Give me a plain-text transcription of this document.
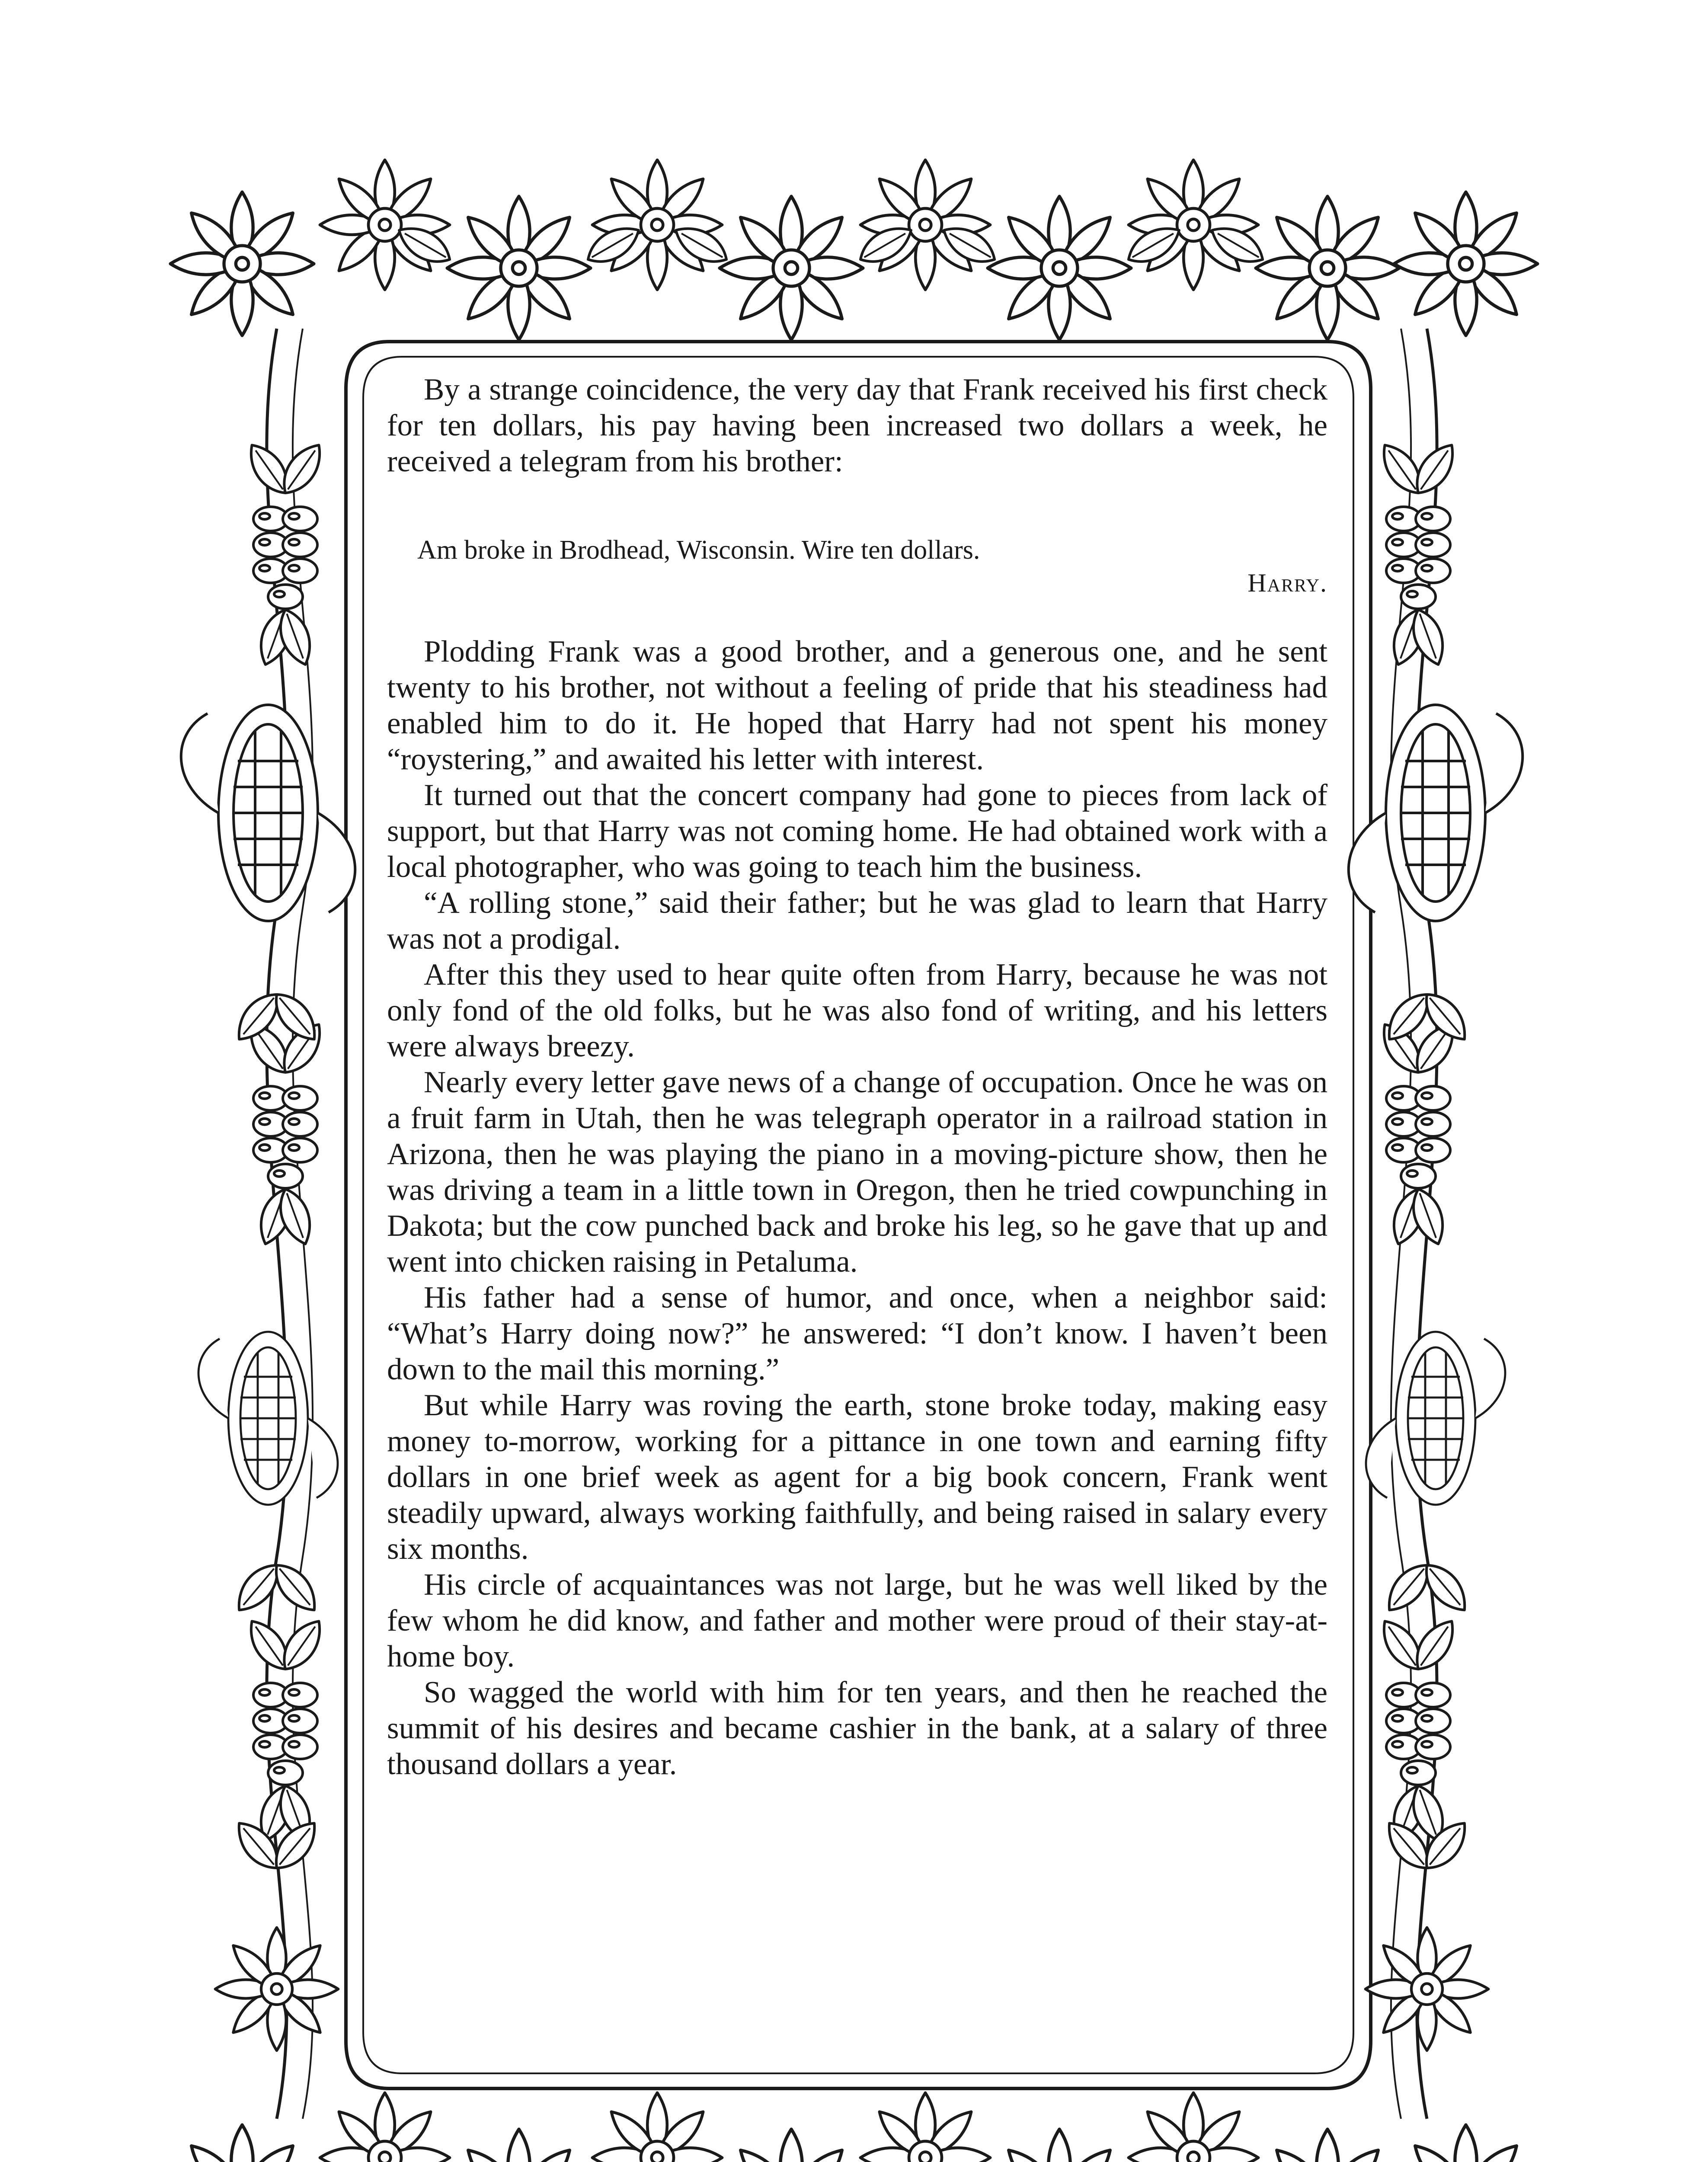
By a strange coincidence, the very day that Frank received his first check for ten dollars, his pay having been increased two dollars a week, he received a telegram from his brother:

Am broke in Brodhead, Wisconsin. Wire ten dollars.

Harry.

Plodding Frank was a good brother, and a generous one, and he sent twenty to his brother, not without a feeling of pride that his steadiness had enabled him to do it. He hoped that Harry had not spent his money “roystering,” and awaited his letter with interest.

It turned out that the concert company had gone to pieces from lack of support, but that Harry was not coming home. He had obtained work with a local photographer, who was going to teach him the business.

“A rolling stone,” said their father; but he was glad to learn that Harry was not a prodigal.

After this they used to hear quite often from Harry, because he was not only fond of the old folks, but he was also fond of writing, and his letters were always breezy.

Nearly every letter gave news of a change of occupation. Once he was on a fruit farm in Utah, then he was telegraph operator in a railroad station in Arizona, then he was playing the piano in a moving-picture show, then he was driving a team in a little town in Oregon, then he tried cowpunching in Dakota; but the cow punched back and broke his leg, so he gave that up and went into chicken raising in Petaluma.

His father had a sense of humor, and once, when a neighbor said: “What’s Harry doing now?” he answered: “I don’t know. I haven’t been down to the mail this morning.”

But while Harry was roving the earth, stone broke today, making easy money to-morrow, working for a pittance in one town and earning fifty dollars in one brief week as agent for a big book concern, Frank went steadily upward, always working faithfully, and being raised in salary every six months.

His circle of acquaintances was not large, but he was well liked by the few whom he did know, and father and mother were proud of their stay-at-home boy.

So wagged the world with him for ten years, and then he reached the summit of his desires and became cashier in the bank, at a salary of three thousand dollars a year.
